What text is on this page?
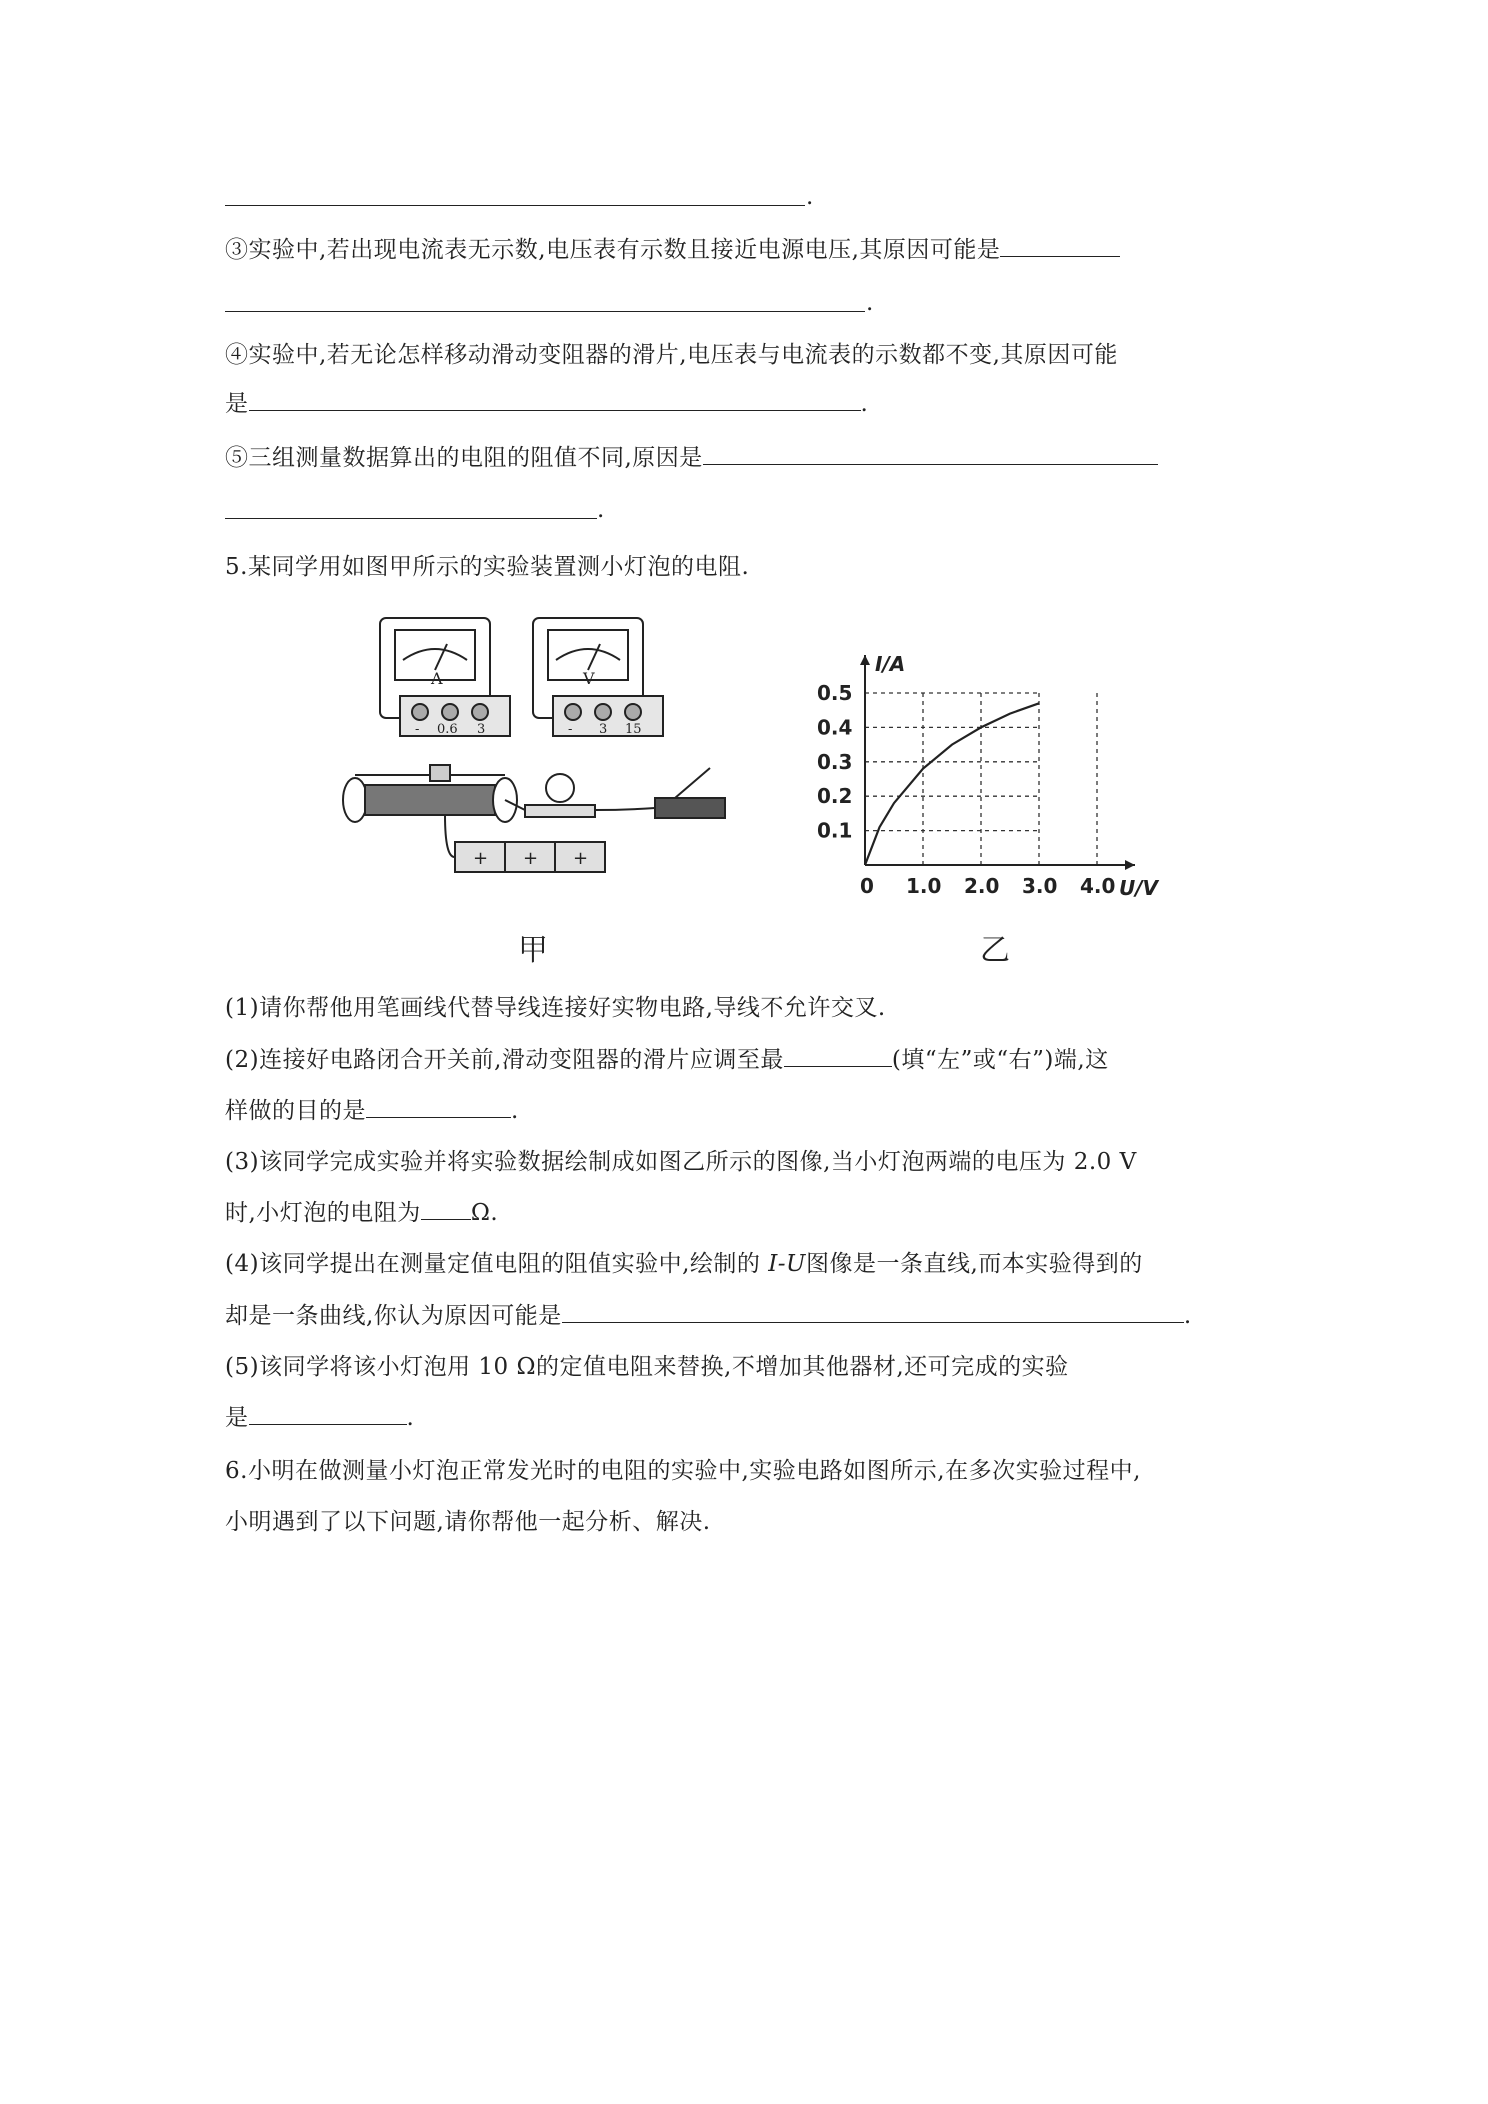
.
③实验中,若出现电流表无示数,电压表有示数且接近电源电压,其原因可能是
.
④实验中,若无论怎样移动滑动变阻器的滑片,电压表与电流表的示数都不变,其原因可能
是	.
⑤三组测量数据算出的电阻的阻值不同,原因是
.
5.某同学用如图甲所示的实验装置测小灯泡的电阻.
A
- 0.6 3
V
- 3 15
+ + +
甲
0 1.0 2.0 3.0 4.0
0.1
0.2
0.3
0.4
0.5
U/V
I/A
乙
(1)请你帮他用笔画线代替导线连接好实物电路,导线不允许交叉.
(2)连接好电路闭合开关前,滑动变阻器的滑片应调至最	(填“左”或“右”)端,这
样做的目的是	.
(3)该同学完成实验并将实验数据绘制成如图乙所示的图像,当小灯泡两端的电压为 2.0 V
时,小灯泡的电阻为 Ω.
(4)该同学提出在测量定值电阻的阻值实验中,绘制的 I-U图像是一条直线,而本实验得到的
却是一条曲线,你认为原因可能是	.
(5)该同学将该小灯泡用 10 Ω的定值电阻来替换,不增加其他器材,还可完成的实验
是	.
6.小明在做测量小灯泡正常发光时的电阻的实验中,实验电路如图所示,在多次实验过程中,
小明遇到了以下问题,请你帮他一起分析、解决.
